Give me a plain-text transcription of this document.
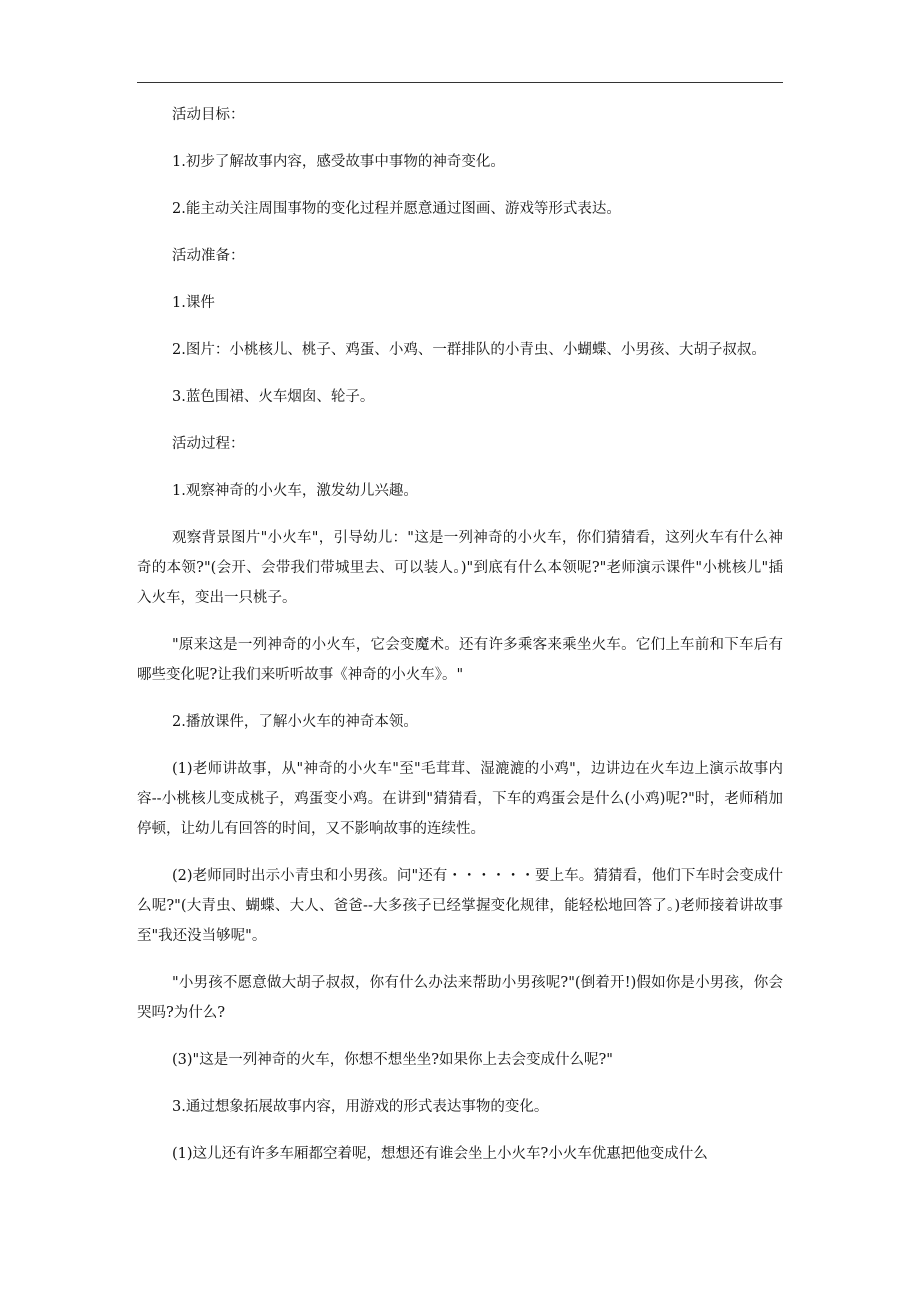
活动目标：

1.初步了解故事内容，感受故事中事物的神奇变化。

2.能主动关注周围事物的变化过程并愿意通过图画、游戏等形式表达。

活动准备：

1.课件

2.图片：小桃核儿、桃子、鸡蛋、小鸡、一群排队的小青虫、小蝴蝶、小男孩、大胡子叔叔。

3.蓝色围裙、火车烟囱、轮子。

活动过程：

1.观察神奇的小火车，激发幼儿兴趣。

观察背景图片"小火车"，引导幼儿："这是一列神奇的小火车，你们猜猜看，这列火车有什么神奇的本领?"(会开、会带我们带城里去、可以装人。)"到底有什么本领呢?"老师演示课件"小桃核儿"插入火车，变出一只桃子。

"原来这是一列神奇的小火车，它会变魔术。还有许多乘客来乘坐火车。它们上车前和下车后有哪些变化呢?让我们来听听故事《神奇的小火车》。"

2.播放课件，了解小火车的神奇本领。

(1)老师讲故事，从"神奇的小火车"至"毛茸茸、湿漉漉的小鸡"，边讲边在火车边上演示故事内容--小桃核儿变成桃子，鸡蛋变小鸡。在讲到"猜猜看，下车的鸡蛋会是什么(小鸡)呢?"时，老师稍加停顿，让幼儿有回答的时间，又不影响故事的连续性。

(2)老师同时出示小青虫和小男孩。问"还有・・・・・・要上车。猜猜看，他们下车时会变成什么呢?"(大青虫、蝴蝶、大人、爸爸--大多孩子已经掌握变化规律，能轻松地回答了。)老师接着讲故事至"我还没当够呢"。

"小男孩不愿意做大胡子叔叔，你有什么办法来帮助小男孩呢?"(倒着开!)假如你是小男孩，你会哭吗?为什么?

(3)"这是一列神奇的火车，你想不想坐坐?如果你上去会变成什么呢?"

3.通过想象拓展故事内容，用游戏的形式表达事物的变化。

(1)这儿还有许多车厢都空着呢，想想还有谁会坐上小火车?小火车优惠把他变成什么
